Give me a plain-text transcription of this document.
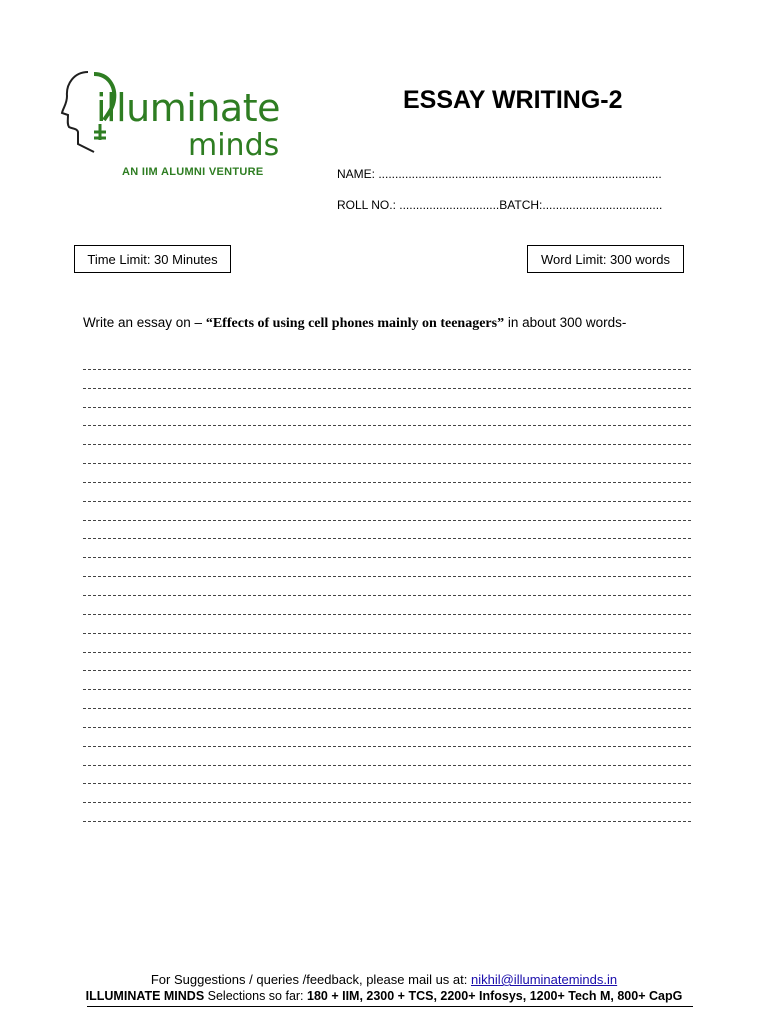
illuminate
minds
AN IIM ALUMNI VENTURE
ESSAY WRITING-2
NAME: .....................................................................................
ROLL NO.: ..............................BATCH:....................................
Time Limit: 30 Minutes	Word Limit: 300 words
Write an essay on – “Effects of using cell phones mainly on teenagers” in about 300 words-
For Suggestions / queries /feedback, please mail us at: nikhil@illuminateminds.in
ILLUMINATE MINDS Selections so far: 180 + IIM, 2300 + TCS, 2200+ Infosys, 1200+ Tech M, 800+ CapG
